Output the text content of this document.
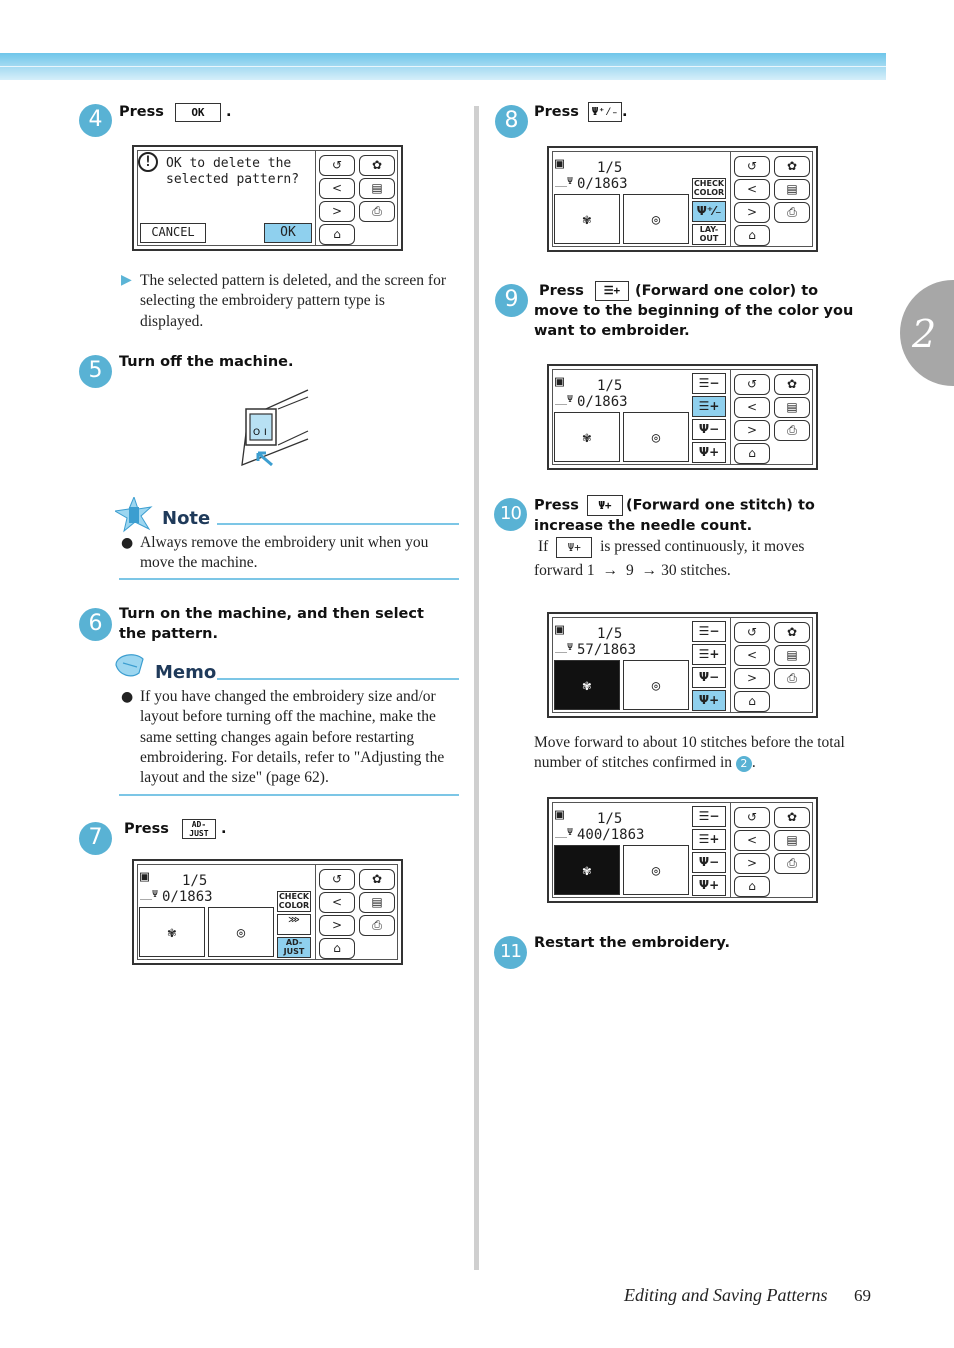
2
4	Press OK .
!	OK to delete the
selected pattern?
CANCEL	OK
↺	✿
<	▤
>	⎙
⌂
▶ The selected pattern is deleted, and the screen for selecting the embroidery pattern type is displayed.
5	Turn off the machine.
O I
Note
● Always remove the embroidery unit when you move the machine.
6	Turn on the machine, and then select the pattern.
Memo
● If you have changed the embroidery size and/or layout before turning off the machine, make the same setting changes again before restarting embroidering. For details, refer to "Adjusting the layout and the size" (page 62).
7	Press	AD-JUST .
▣ 1/5
__Ψ 0/1863
✾	◎
CHECK COLOR
⋙
AD-JUST
↺	✿
<	▤
>	⎙
⌂
8	Press Ψ⁺⁄₋ .
▣ 1/5
__Ψ 0/1863
✾	◎
CHECK COLOR
Ψ⁺⁄₋
LAY-OUT
↺	✿
<	▤
>	⎙
⌂
9	Press ☰+ (Forward one color) to move to the beginning of the color you want to embroider.
▣ 1/5
__Ψ 0/1863
✾	◎
☰−
☰+
Ψ−
Ψ+
↺	✿
<	▤
>	⎙
⌂
10 Press Ψ+ (Forward one stitch) to increase the needle count.
If Ψ+ is pressed continuously, it moves
forward 1 → 9 → 30 stitches.
▣ 1/5
__Ψ 57/1863
✾	◎
☰−
☰+
Ψ−
Ψ+
↺	✿
<	▤
>	⎙
⌂
Move forward to about 10 stitches before the total number of stitches confirmed in 2 .
▣ 1/5
__Ψ 400/1863
✾	◎
☰−
☰+
Ψ−
Ψ+
↺	✿
<	▤
>	⎙
⌂
11 Restart the embroidery.
Editing and Saving Patterns 69
